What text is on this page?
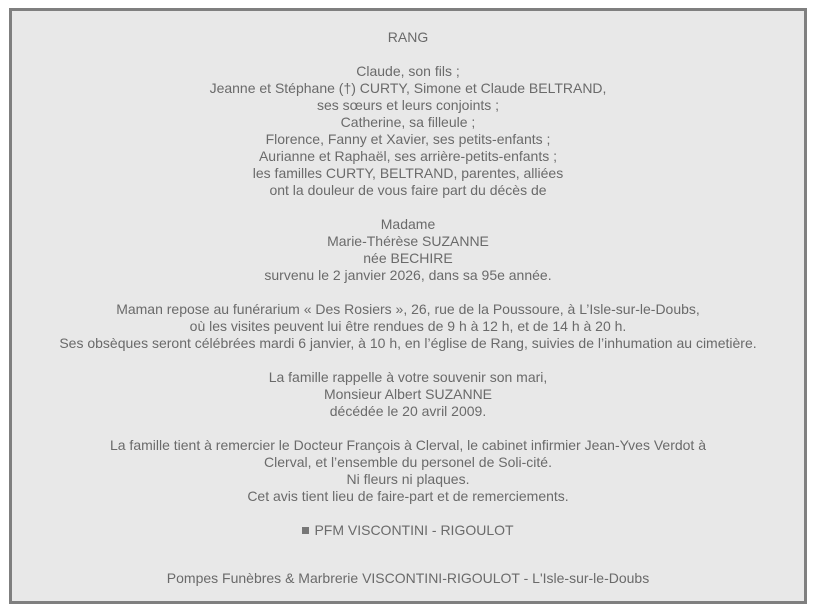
RANG
Claude, son fils ;
Jeanne et Stéphane (†) CURTY, Simone et Claude BELTRAND,
ses sœurs et leurs conjoints ;
Catherine, sa filleule ;
Florence, Fanny et Xavier, ses petits-enfants ;
Aurianne et Raphaël, ses arrière-petits-enfants ;
les familles CURTY, BELTRAND, parentes, alliées
ont la douleur de vous faire part du décès de
Madame
Marie-Thérèse SUZANNE
née BECHIRE
survenu le 2 janvier 2026, dans sa 95e année.
Maman repose au funérarium « Des Rosiers », 26, rue de la Poussoure, à L’Isle-sur-le-Doubs,
où les visites peuvent lui être rendues de 9 h à 12 h, et de 14 h à 20 h.
Ses obsèques seront célébrées mardi 6 janvier, à 10 h, en l’église de Rang, suivies de l’inhumation au cimetière.
La famille rappelle à votre souvenir son mari,
Monsieur Albert SUZANNE
décédée le 20 avril 2009.
La famille tient à remercier le Docteur François à Clerval, le cabinet infirmier Jean-Yves Verdot à
Clerval, et l’ensemble du personel de Soli-cité.
Ni fleurs ni plaques.
Cet avis tient lieu de faire-part et de remerciements.
PFM VISCONTINI - RIGOULOT
Pompes Funèbres & Marbrerie VISCONTINI-RIGOULOT - L'Isle-sur-le-Doubs
